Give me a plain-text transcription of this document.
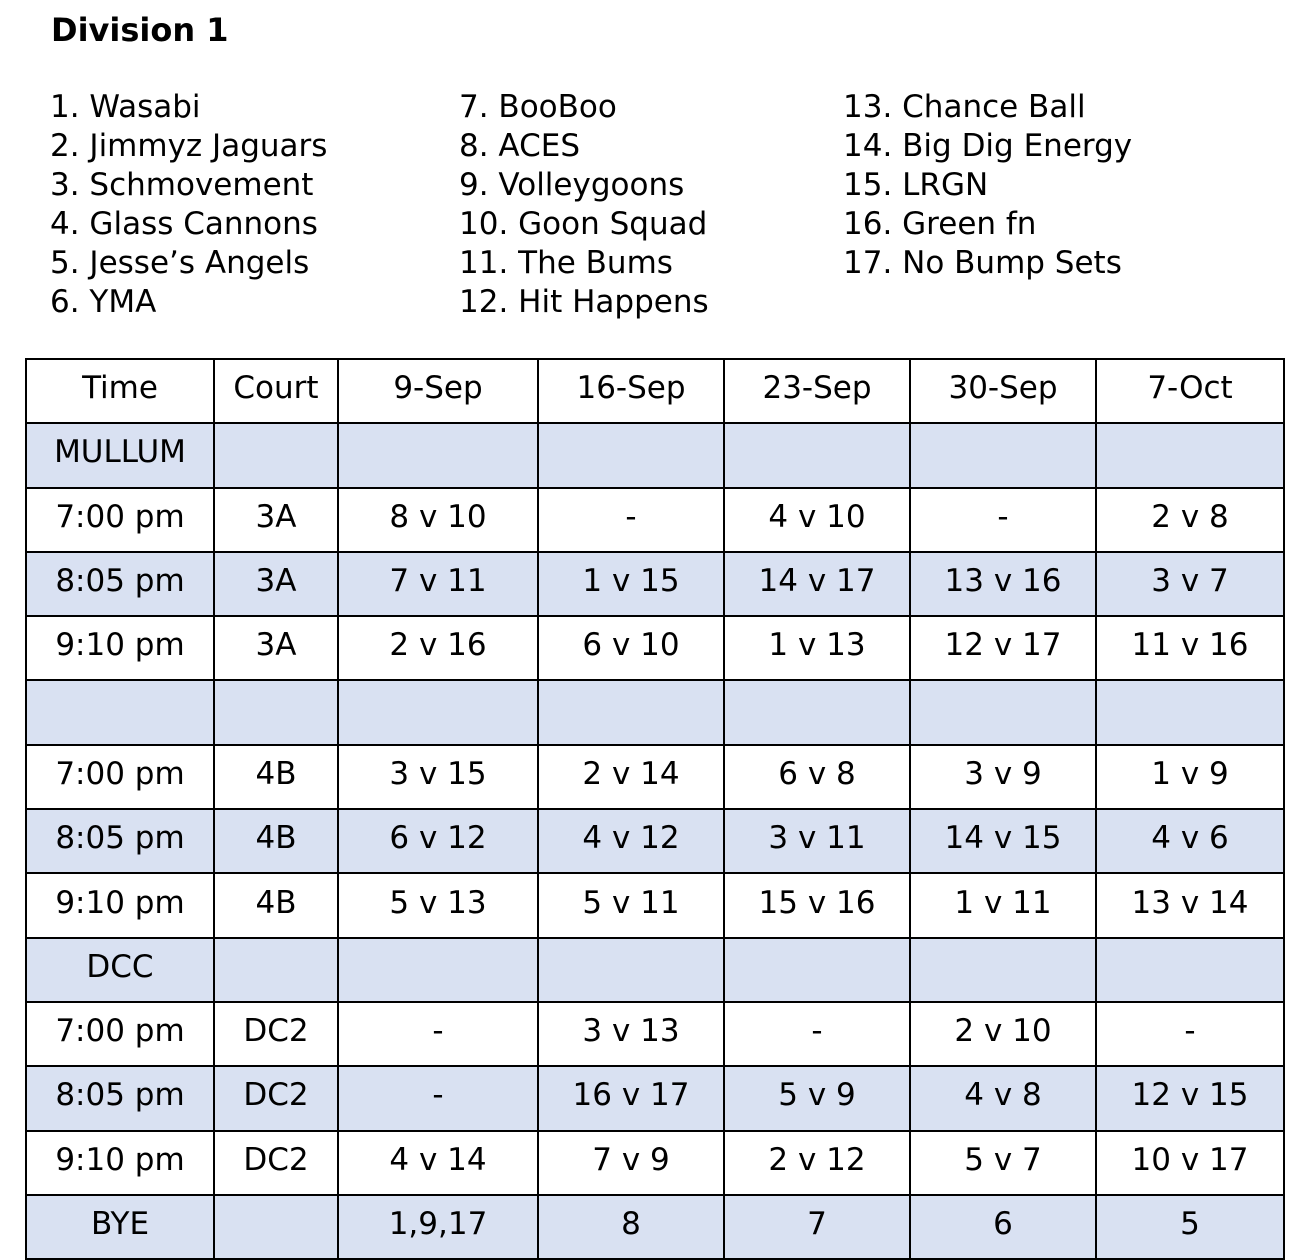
Division 1
1. Wasabi
2. Jimmyz Jaguars
3. Schmovement
4. Glass Cannons
5. Jesse’s Angels
6. YMA
7. BooBoo
8. ACES
9. Volleygoons
10. Goon Squad
11. The Bums
12. Hit Happens
13. Chance Ball
14. Big Dig Energy
15. LRGN
16. Green fn
17. No Bump Sets
Time	Court	9-Sep	16-Sep	23-Sep	30-Sep	7-Oct
MULLUM						
7:00 pm	3A	8 v 10	-	4 v 10	-	2 v 8
8:05 pm	3A	7 v 11	1 v 15	14 v 17	13 v 16	3 v 7
9:10 pm	3A	2 v 16	6 v 10	1 v 13	12 v 17	11 v 16

7:00 pm	4B	3 v 15	2 v 14	6 v 8	3 v 9	1 v 9
8:05 pm	4B	6 v 12	4 v 12	3 v 11	14 v 15	4 v 6
9:10 pm	4B	5 v 13	5 v 11	15 v 16	1 v 11	13 v 14
DCC						
7:00 pm	DC2	-	3 v 13	-	2 v 10	-
8:05 pm	DC2	-	16 v 17	5 v 9	4 v 8	12 v 15
9:10 pm	DC2	4 v 14	7 v 9	2 v 12	5 v 7	10 v 17
BYE		1,9,17	8	7	6	5
